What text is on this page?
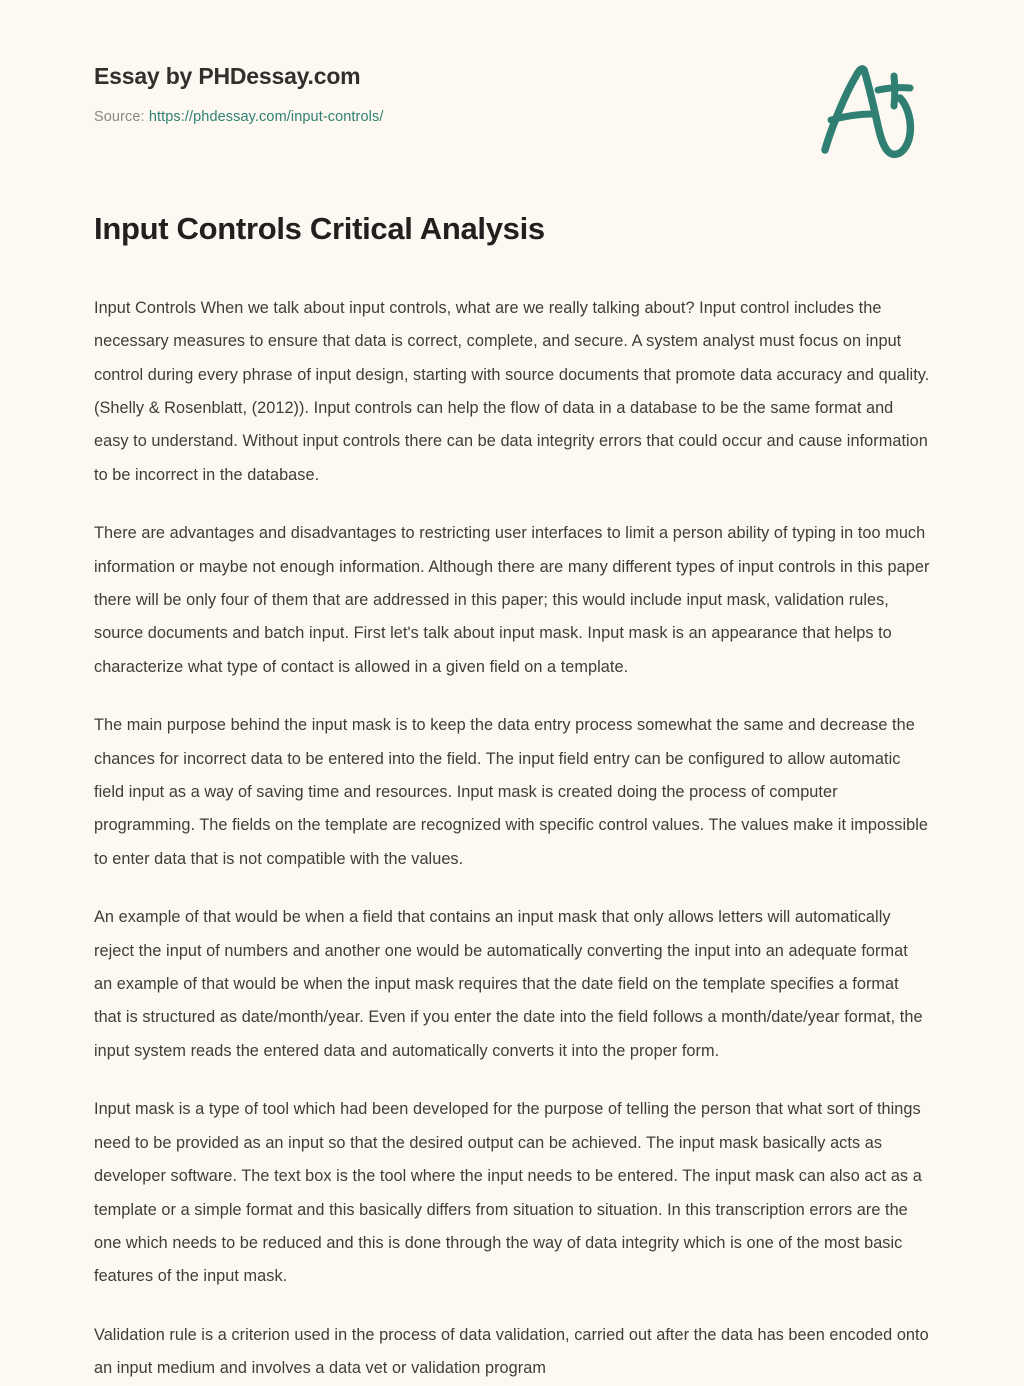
Essay by PHDessay.com
Source: https://phdessay.com/input-controls/
Input Controls Critical Analysis

Input Controls When we talk about input controls, what are we really talking about? Input control includes the necessary measures to ensure that data is correct, complete, and secure. A system analyst must focus on input control during every phrase of input design, starting with source documents that promote data accuracy and quality. (Shelly & Rosenblatt, (2012)). Input controls can help the flow of data in a database to be the same format and easy to understand. Without input controls there can be data integrity errors that could occur and cause information to be incorrect in the database.

There are advantages and disadvantages to restricting user interfaces to limit a person ability of typing in too much information or maybe not enough information. Although there are many different types of input controls in this paper there will be only four of them that are addressed in this paper; this would include input mask, validation rules, source documents and batch input. First let's talk about input mask. Input mask is an appearance that helps to characterize what type of contact is allowed in a given field on a template.

The main purpose behind the input mask is to keep the data entry process somewhat the same and decrease the chances for incorrect data to be entered into the field. The input field entry can be configured to allow automatic field input as a way of saving time and resources. Input mask is created doing the process of computer programming. The fields on the template are recognized with specific control values. The values make it impossible to enter data that is not compatible with the values.

An example of that would be when a field that contains an input mask that only allows letters will automatically reject the input of numbers and another one would be automatically converting the input into an adequate format an example of that would be when the input mask requires that the date field on the template specifies a format that is structured as date/month/year. Even if you enter the date into the field follows a month/date/year format, the input system reads the entered data and automatically converts it into the proper form.

Input mask is a type of tool which had been developed for the purpose of telling the person that what sort of things need to be provided as an input so that the desired output can be achieved. The input mask basically acts as developer software. The text box is the tool where the input needs to be entered. The input mask can also act as a template or a simple format and this basically differs from situation to situation. In this transcription errors are the one which needs to be reduced and this is done through the way of data integrity which is one of the most basic features of the input mask.

Validation rule is a criterion used in the process of data validation, carried out after the data has been encoded onto an input medium and involves a data vet or validation program
